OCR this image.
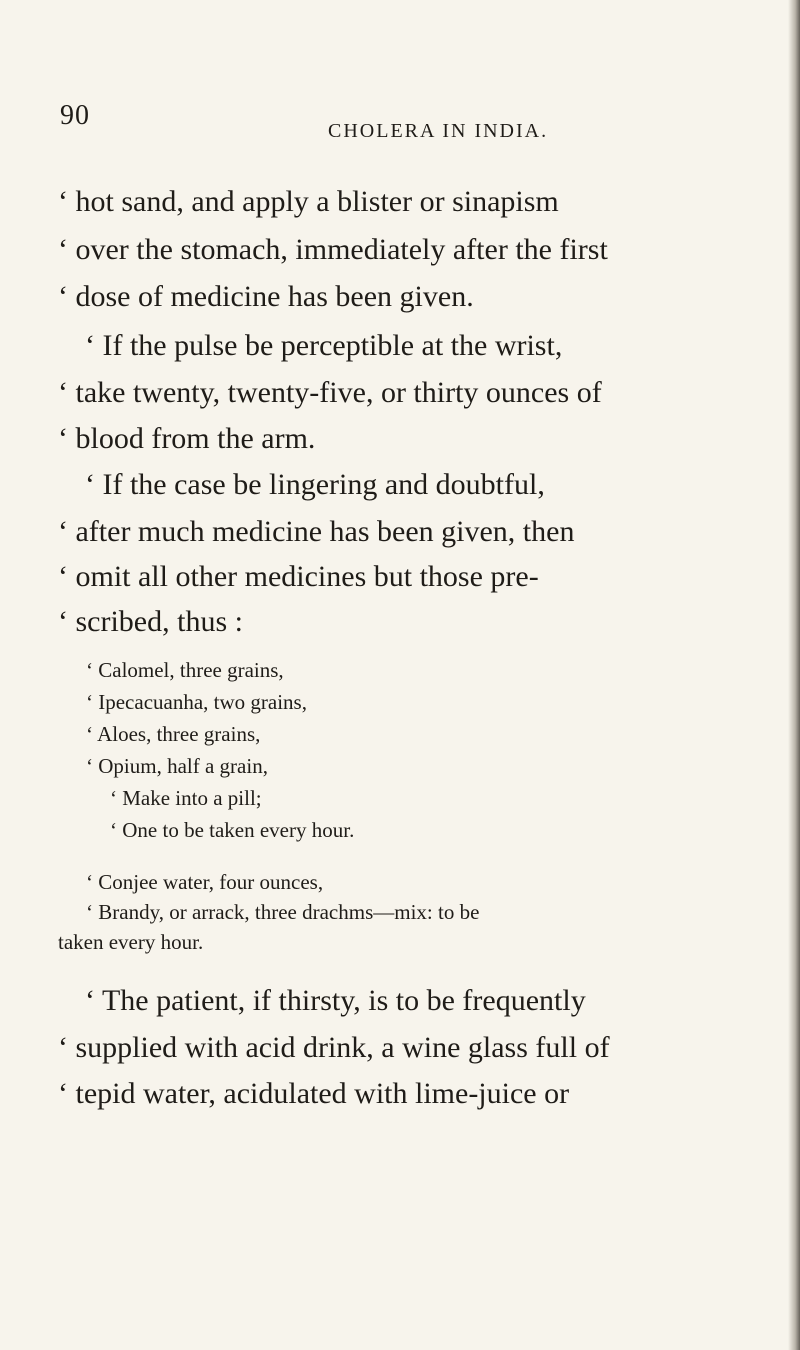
90	CHOLERA IN INDIA.
‘ hot sand, and apply a blister or sinapism
‘ over the stomach, immediately after the first
‘ dose of medicine has been given.
‘ If the pulse be perceptible at the wrist,
‘ take twenty, twenty-five, or thirty ounces of
‘ blood from the arm.
‘ If the case be lingering and doubtful,
‘ after much medicine has been given, then
‘ omit all other medicines but those pre-
‘ scribed, thus :
‘ Calomel, three grains,
‘ Ipecacuanha, two grains,
‘ Aloes, three grains,
‘ Opium, half a grain,
‘ Make into a pill;
‘ One to be taken every hour.
‘ Conjee water, four ounces,
‘ Brandy, or arrack, three drachms—mix: to be
taken every hour.
‘ The patient, if thirsty, is to be frequently
‘ supplied with acid drink, a wine glass full of
‘ tepid water, acidulated with lime-juice or
